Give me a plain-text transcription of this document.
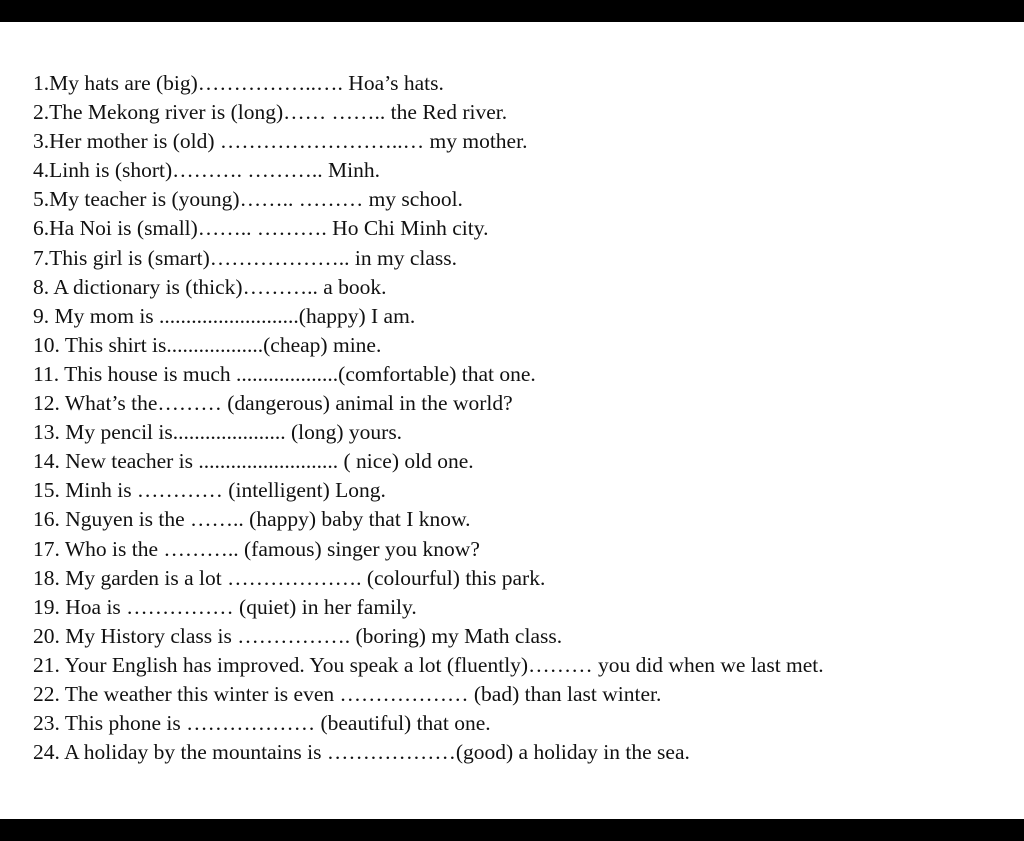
1.My hats are (big)……………..…. Hoa’s hats.
2.The Mekong river is (long)…… …….. the Red river.
3.Her mother is (old) ……………………..… my mother.
4.Linh is (short)………. ……….. Minh.
5.My teacher is (young)…….. ……… my school.
6.Ha Noi is (small)…….. ………. Ho Chi Minh city.
7.This girl is (smart)……………….. in my class.
8. A dictionary is (thick)……….. a book.
9. My mom is ..........................(happy) I am.
10. This shirt is..................(cheap) mine.
11. This house is much ...................(comfortable) that one.
12. What’s the……… (dangerous) animal in the world?
13. My pencil is..................... (long) yours.
14. New teacher is .......................... ( nice) old one.
15. Minh is ………… (intelligent) Long.
16. Nguyen is the …….. (happy) baby that I know.
17. Who is the ……….. (famous) singer you know?
18. My garden is a lot ………………. (colourful) this park.
19. Hoa is …………… (quiet) in her family.
20. My History class is ……………. (boring) my Math class.
21. Your English has improved. You speak a lot (fluently)……… you did when we last met.
22. The weather this winter is even ……………… (bad) than last winter.
23. This phone is ……………… (beautiful) that one.
24. A holiday by the mountains is ………………(good) a holiday in the sea.
